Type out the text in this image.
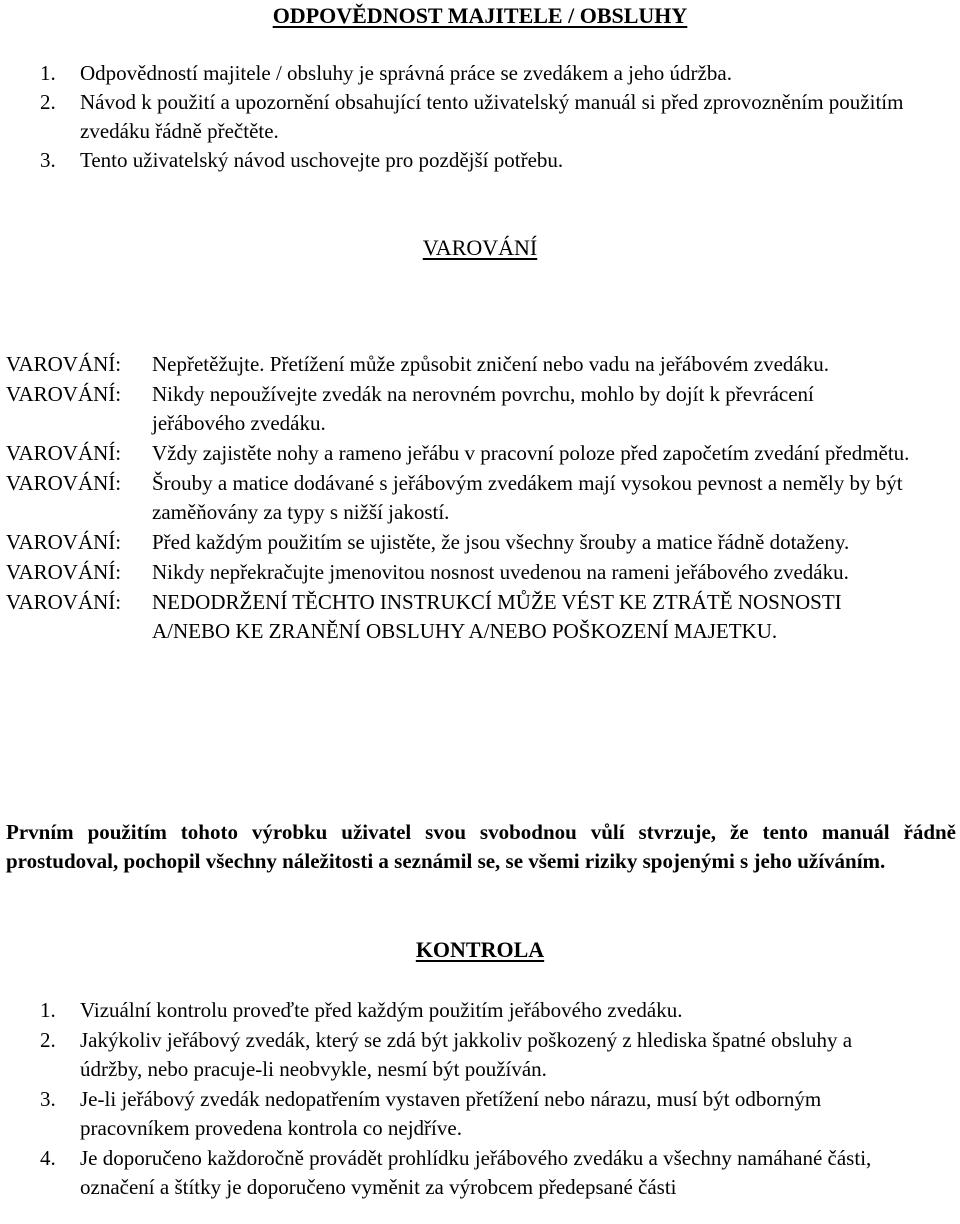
ODPOVĚDNOST MAJITELE / OBSLUHY
1. Odpovědností majitele / obsluhy je správná práce se zvedákem a jeho údržba.
2. Návod k použití a upozornění obsahující tento uživatelský manuál si před zprovozněním použitím zvedáku řádně přečtěte.
3. Tento uživatelský návod uschovejte pro pozdější potřebu.
VAROVÁNÍ
VAROVÁNÍ: Nepřetěžujte. Přetížení může způsobit zničení nebo vadu na jeřábovém zvedáku.
VAROVÁNÍ: Nikdy nepoužívejte zvedák na nerovném povrchu, mohlo by dojít k převrácení jeřábového zvedáku.
VAROVÁNÍ: Vždy zajistěte nohy a rameno jeřábu v pracovní poloze před započetím zvedání předmětu.
VAROVÁNÍ: Šrouby a matice dodávané s jeřábovým zvedákem mají vysokou pevnost a neměly by být zaměňovány za typy s nižší jakostí.
VAROVÁNÍ: Před každým použitím se ujistěte, že jsou všechny šrouby a matice řádně dotaženy.
VAROVÁNÍ: Nikdy nepřekračujte jmenovitou nosnost uvedenou na rameni jeřábového zvedáku.
VAROVÁNÍ: NEDODRŽENÍ TĚCHTO INSTRUKCÍ MŮŽE VÉST KE ZTRÁTĚ NOSNOSTI A/NEBO KE ZRANĚNÍ OBSLUHY A/NEBO POŠKOZENÍ MAJETKU.

Prvním použitím tohoto výrobku uživatel svou svobodnou vůlí stvrzuje, že tento manuál řádně prostudoval, pochopil všechny náležitosti a seznámil se, se všemi riziky spojenými s jeho užíváním.

KONTROLA
1. Vizuální kontrolu proveďte před každým použitím jeřábového zvedáku.
2. Jakýkoliv jeřábový zvedák, který se zdá být jakkoliv poškozený z hlediska špatné obsluhy a údržby, nebo pracuje-li neobvykle, nesmí být používán.
3. Je-li jeřábový zvedák nedopatřením vystaven přetížení nebo nárazu, musí být odborným pracovníkem provedena kontrola co nejdříve.
4. Je doporučeno každoročně provádět prohlídku jeřábového zvedáku a všechny namáhané části, označení a štítky je doporučeno vyměnit za výrobcem předepsané části
